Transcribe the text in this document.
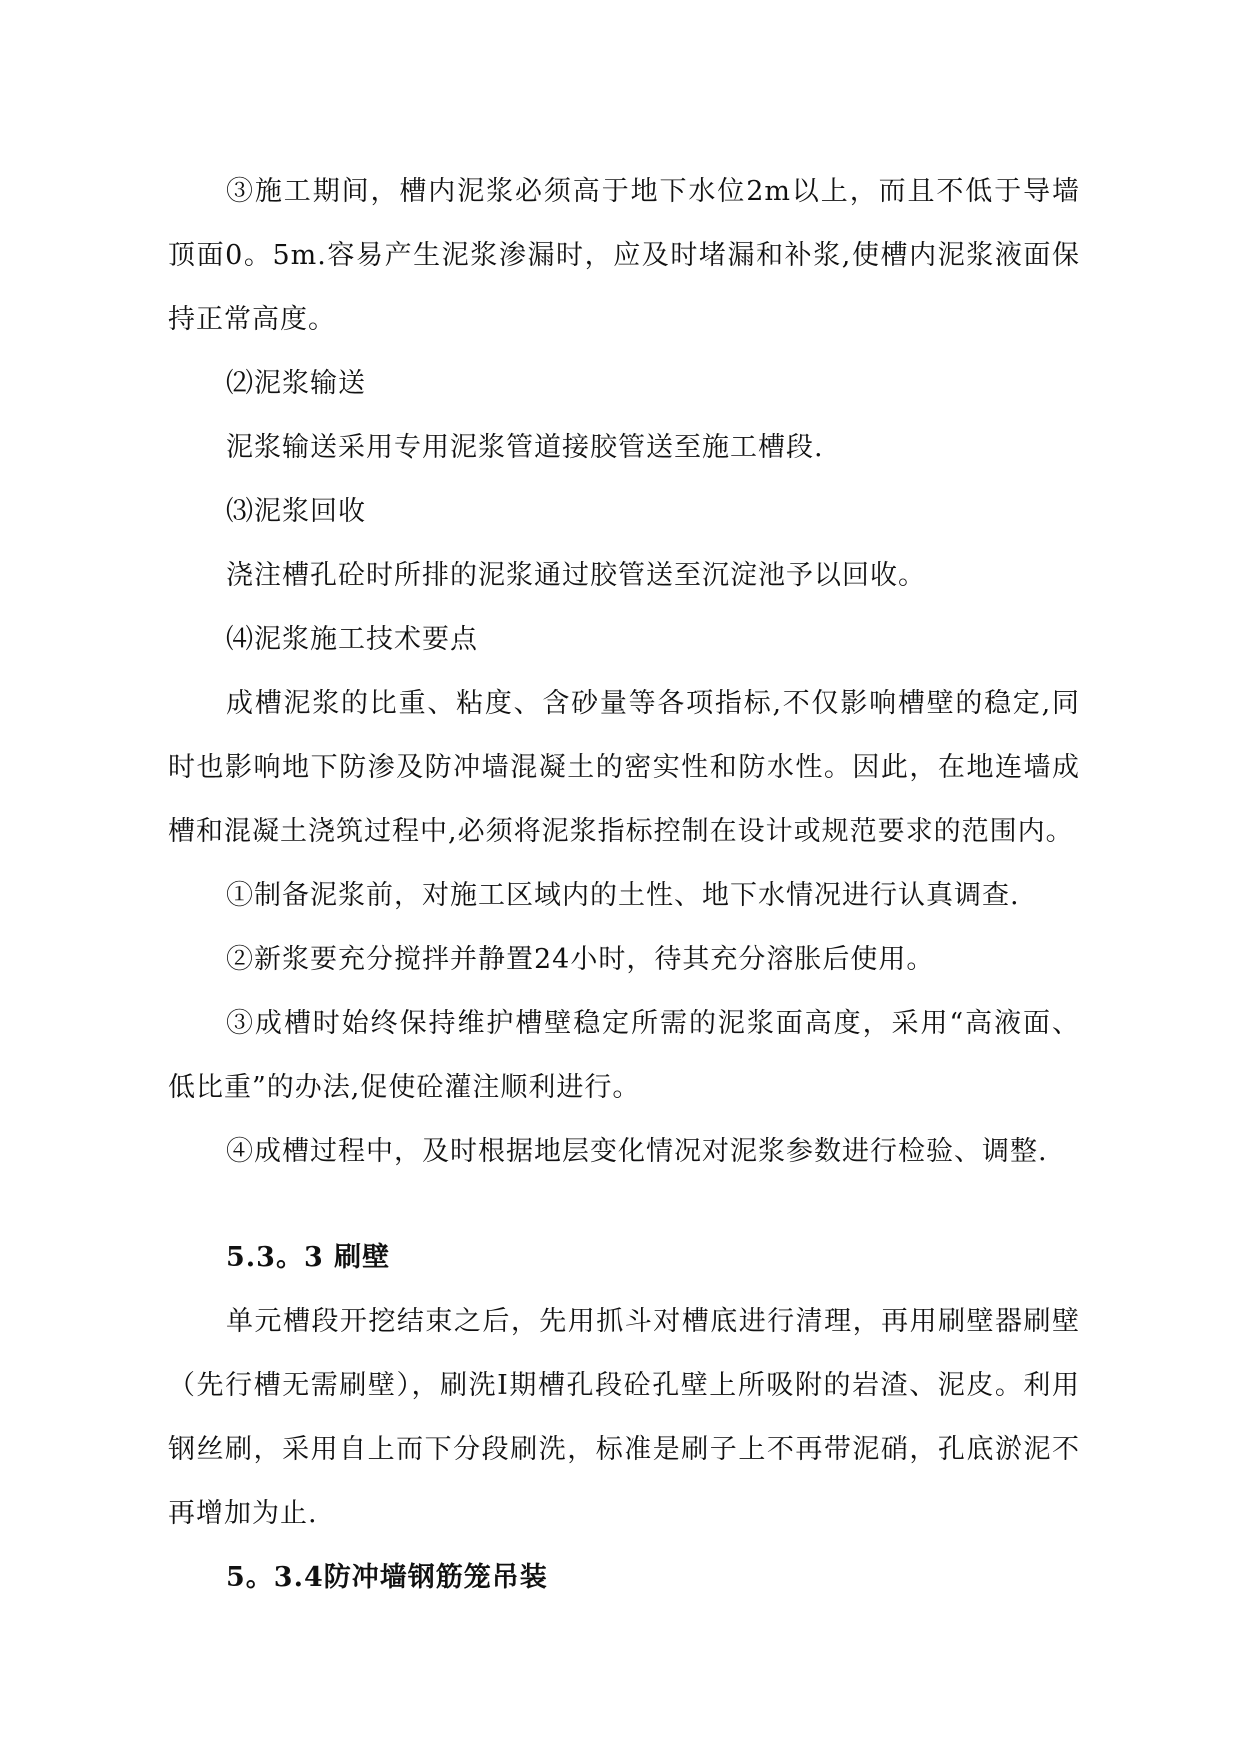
③施工期间，槽内泥浆必须高于地下水位2m以上，而且不低于导墙顶面0。5m.容易产生泥浆渗漏时，应及时堵漏和补浆,使槽内泥浆液面保持正常高度。

⑵泥浆输送

泥浆输送采用专用泥浆管道接胶管送至施工槽段.

⑶泥浆回收

浇注槽孔砼时所排的泥浆通过胶管送至沉淀池予以回收。

⑷泥浆施工技术要点

成槽泥浆的比重、粘度、含砂量等各项指标,不仅影响槽壁的稳定,同时也影响地下防渗及防冲墙混凝土的密实性和防水性。因此，在地连墙成槽和混凝土浇筑过程中,必须将泥浆指标控制在设计或规范要求的范围内。

①制备泥浆前，对施工区域内的土性、地下水情况进行认真调查.

②新浆要充分搅拌并静置24小时，待其充分溶胀后使用。

③成槽时始终保持维护槽壁稳定所需的泥浆面高度，采用“高液面、低比重”的办法,促使砼灌注顺利进行。

④成槽过程中，及时根据地层变化情况对泥浆参数进行检验、调整.

5.3。3 刷壁

单元槽段开挖结束之后，先用抓斗对槽底进行清理，再用刷壁器刷壁（先行槽无需刷壁），刷洗Ⅰ期槽孔段砼孔壁上所吸附的岩渣、泥皮。利用钢丝刷，采用自上而下分段刷洗，标准是刷子上不再带泥硝，孔底淤泥不再增加为止.

5。3.4防冲墙钢筋笼吊装
